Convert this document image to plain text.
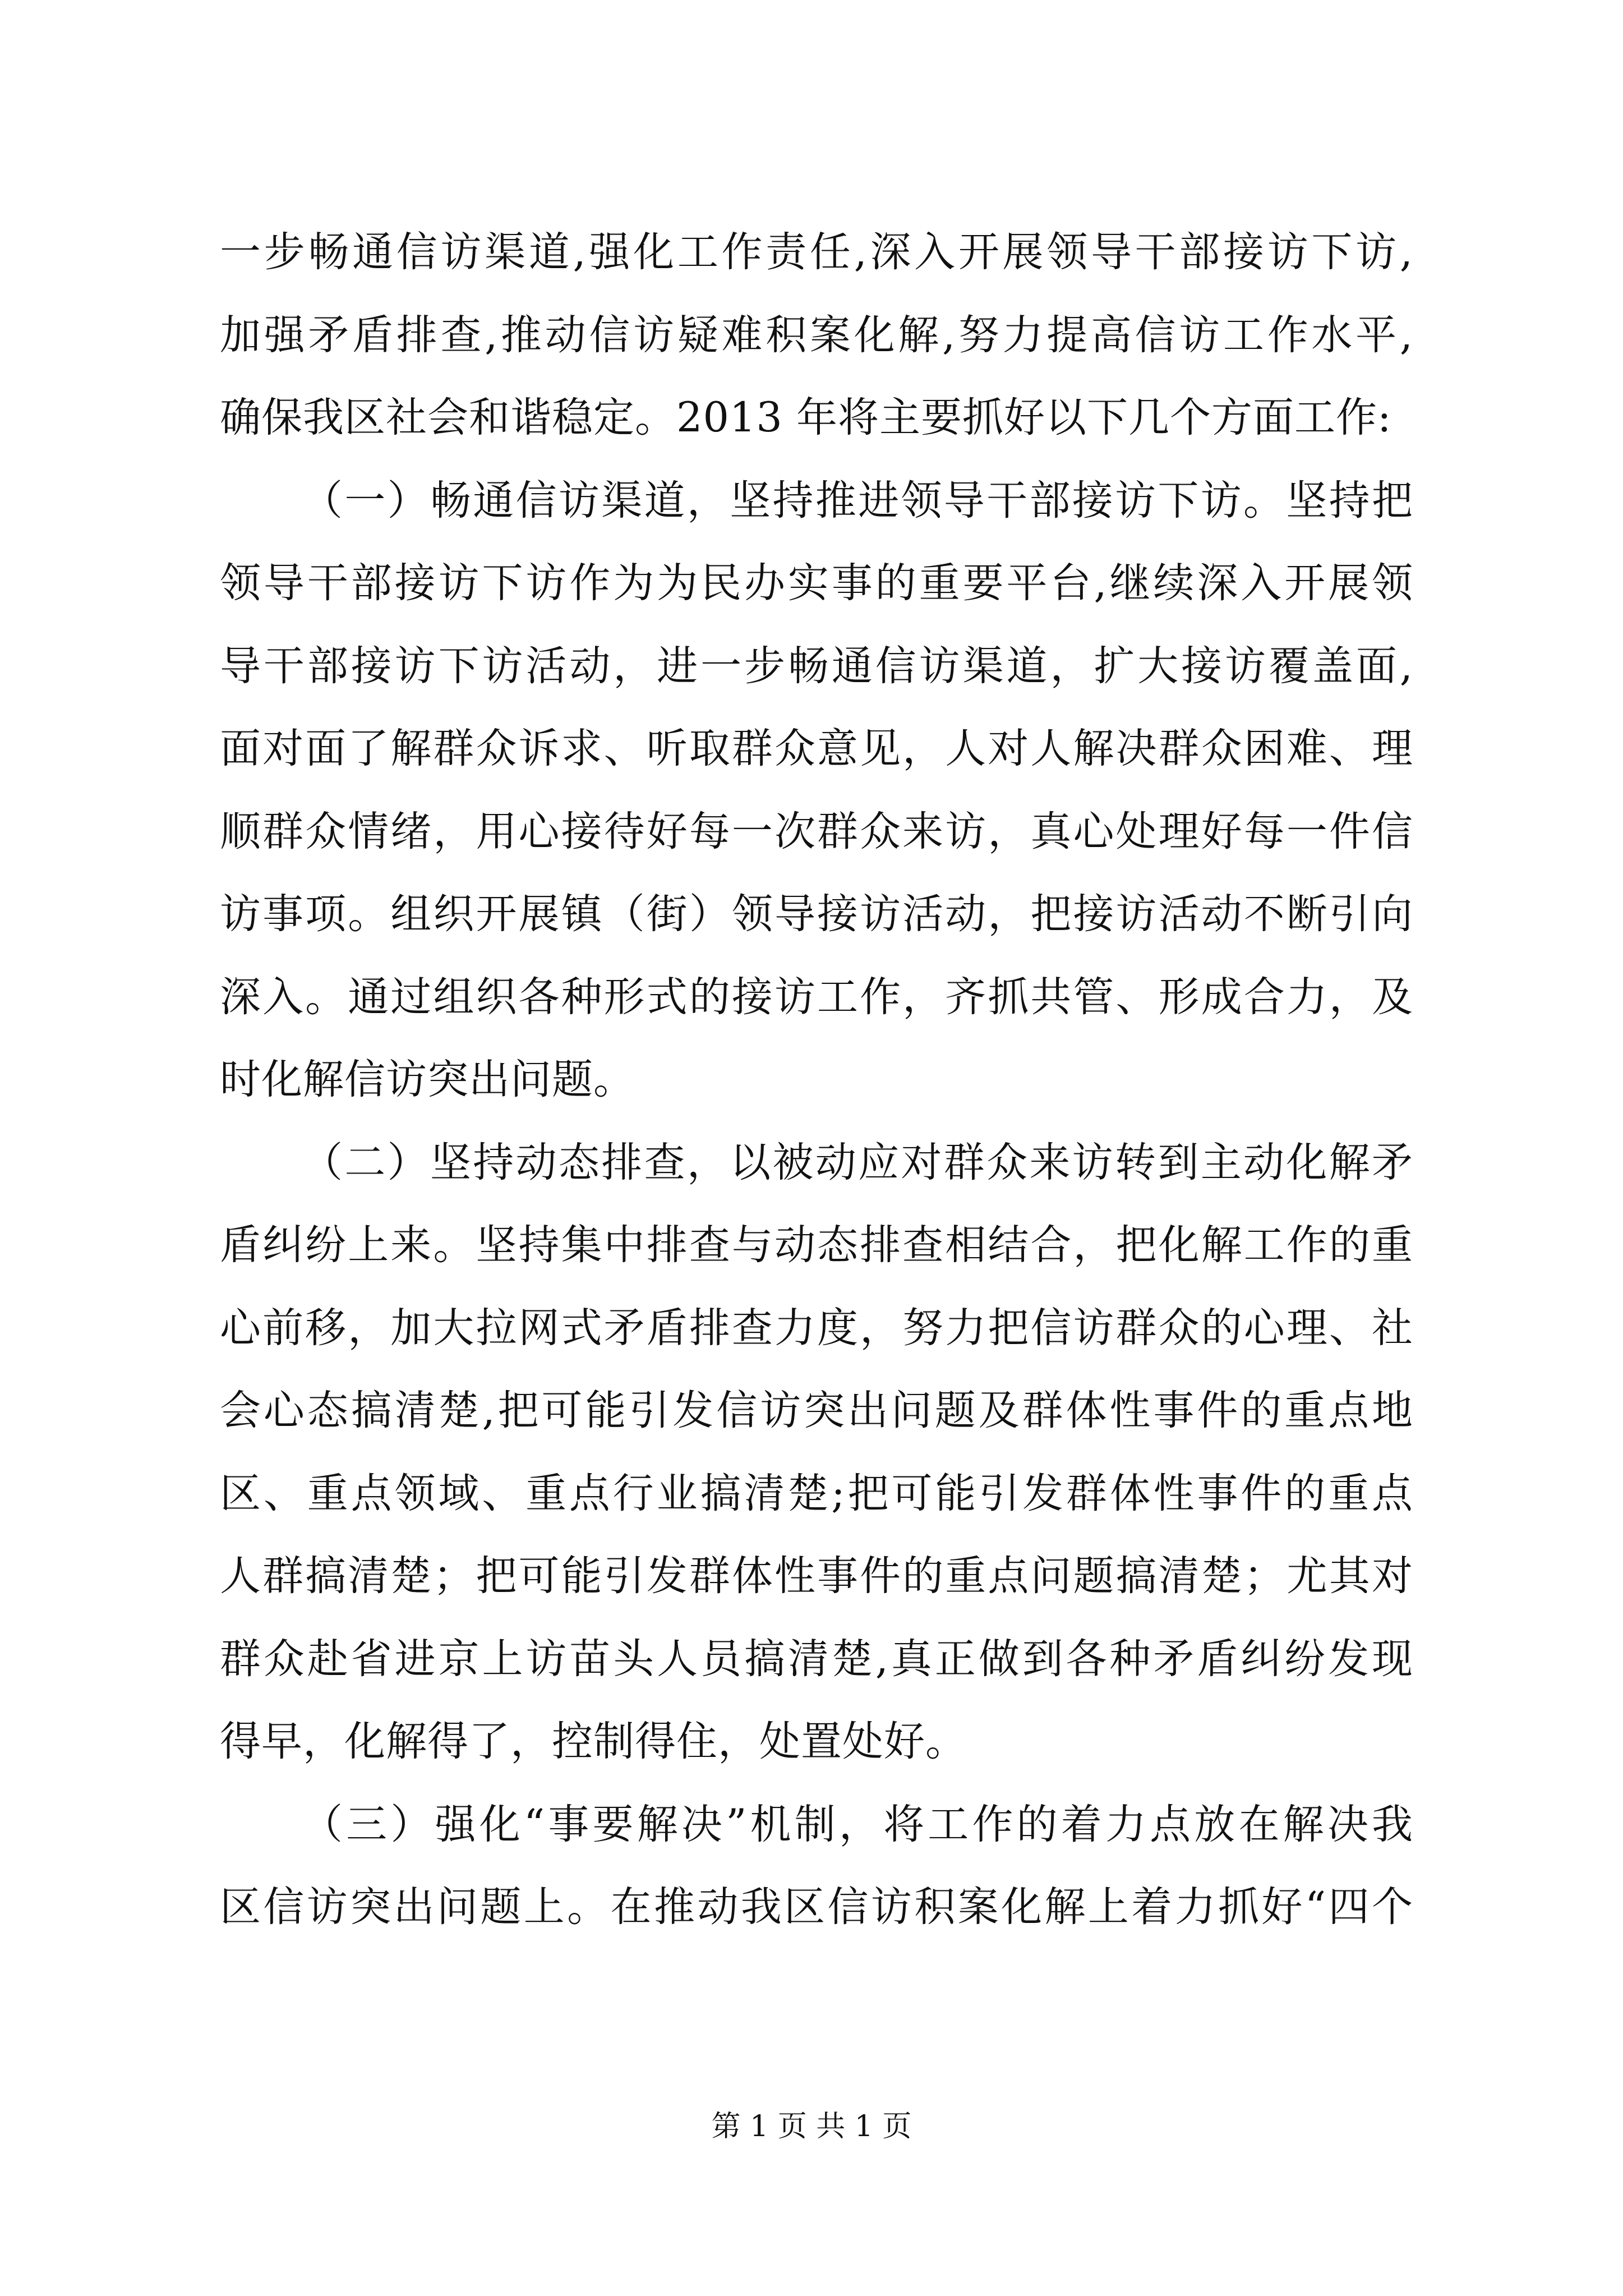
一步畅通信访渠道,强化工作责任,深入开展领导干部接访下访,
加强矛盾排查,推动信访疑难积案化解,努力提高信访工作水平,
确保我区社会和谐稳定。2013 年将主要抓好以下几个方面工作:
（一）畅通信访渠道，坚持推进领导干部接访下访。坚持把
领导干部接访下访作为为民办实事的重要平台,继续深入开展领
导干部接访下访活动，进一步畅通信访渠道，扩大接访覆盖面,
面对面了解群众诉求、听取群众意见，人对人解决群众困难、理
顺群众情绪，用心接待好每一次群众来访，真心处理好每一件信
访事项。组织开展镇（街）领导接访活动，把接访活动不断引向
深入。通过组织各种形式的接访工作，齐抓共管、形成合力，及
时化解信访突出问题。
（二）坚持动态排查，以被动应对群众来访转到主动化解矛
盾纠纷上来。坚持集中排查与动态排查相结合，把化解工作的重
心前移，加大拉网式矛盾排查力度，努力把信访群众的心理、社
会心态搞清楚,把可能引发信访突出问题及群体性事件的重点地
区、重点领域、重点行业搞清楚;把可能引发群体性事件的重点
人群搞清楚；把可能引发群体性事件的重点问题搞清楚；尤其对
群众赴省进京上访苗头人员搞清楚,真正做到各种矛盾纠纷发现
得早，化解得了，控制得住，处置处好。
（三）强化“事要解决”机制，将工作的着力点放在解决我
区信访突出问题上。在推动我区信访积案化解上着力抓好“四个
第 1 页 共 1 页
